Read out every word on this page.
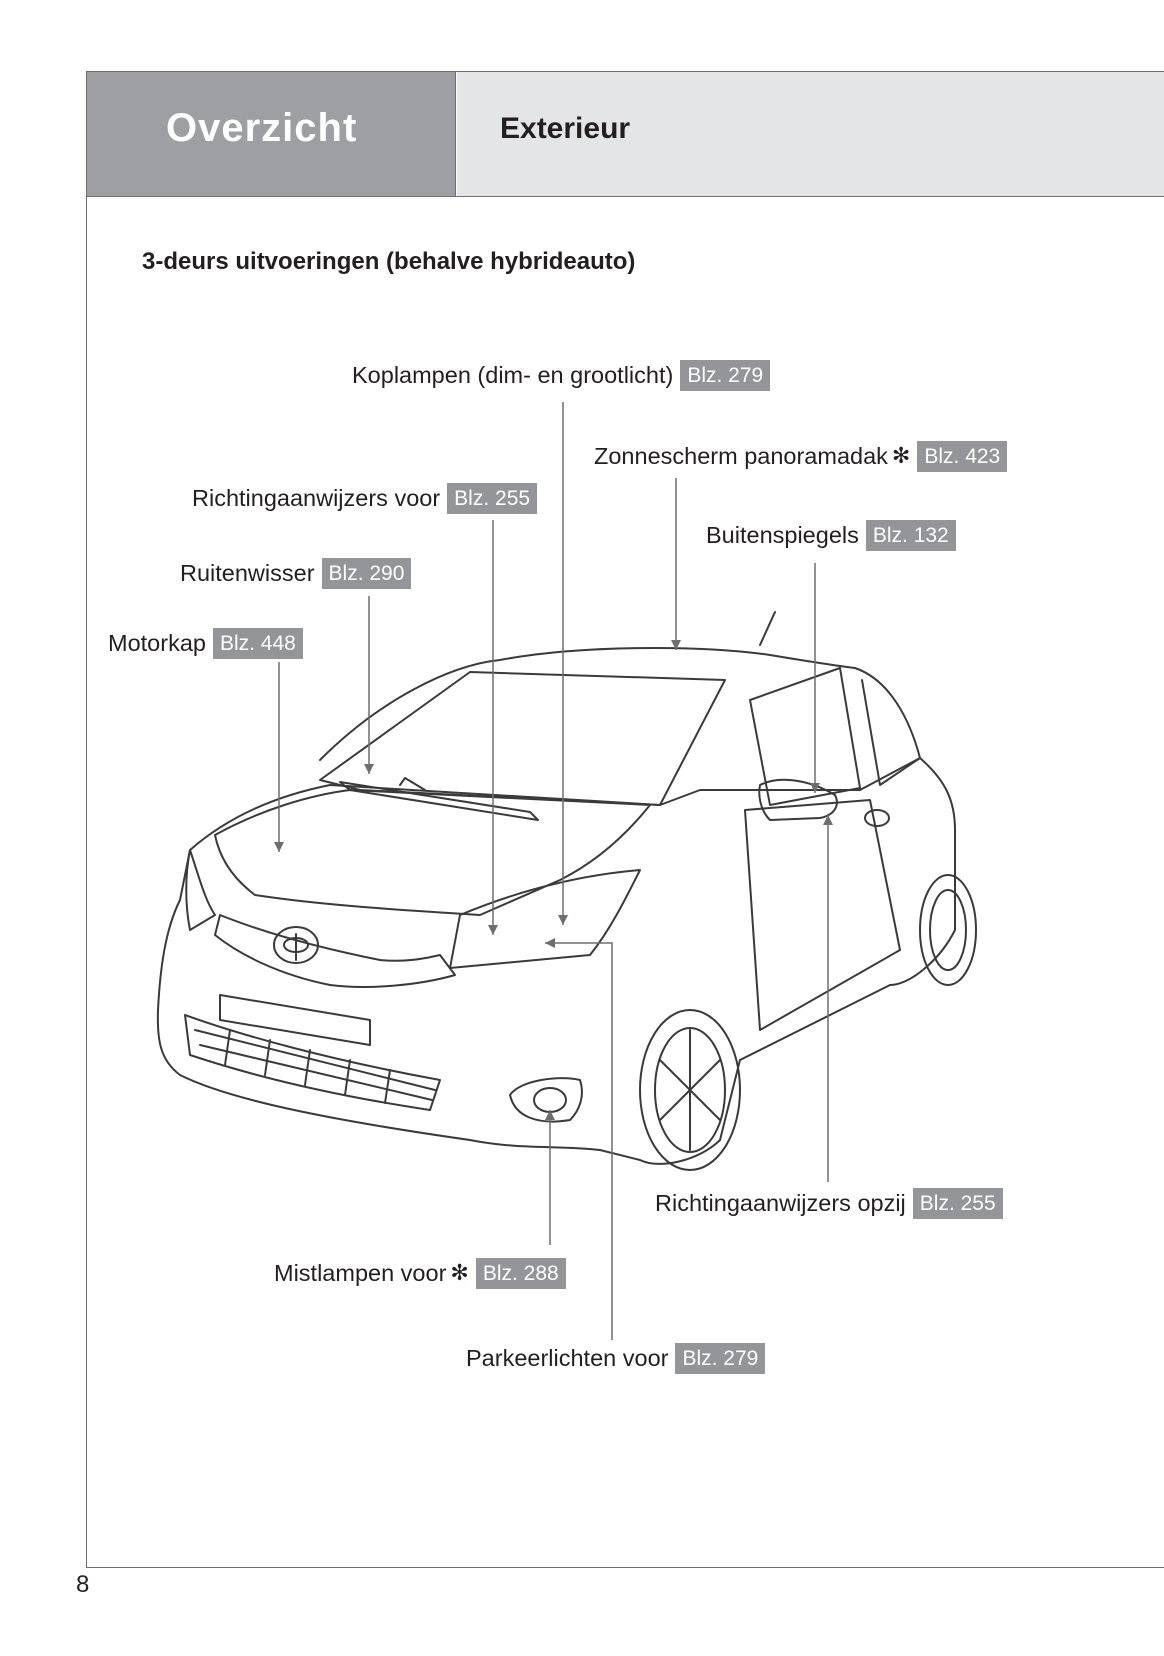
Overzicht	Exterieur
3-deurs uitvoeringen (behalve hybrideauto)
Koplampen (dim- en grootlicht) Blz. 279
Zonnescherm panoramadak ✻ Blz. 423
Richtingaanwijzers voor Blz. 255
Buitenspiegels Blz. 132
Ruitenwisser Blz. 290
Motorkap Blz. 448
Richtingaanwijzers opzij Blz. 255
Mistlampen voor ✻ Blz. 288
Parkeerlichten voor Blz. 279
8
